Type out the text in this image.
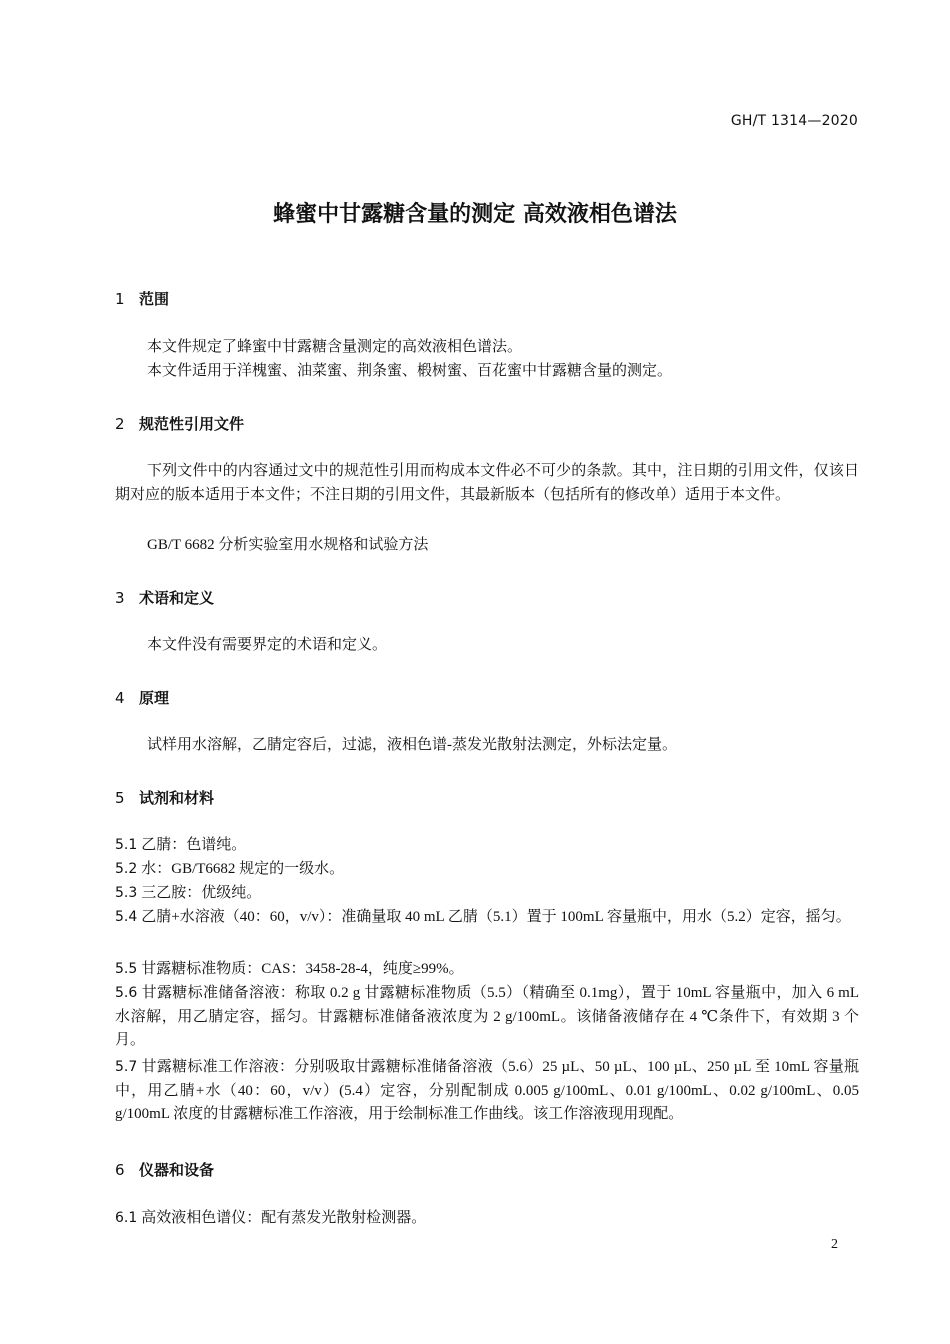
GH/T 1314—2020
蜂蜜中甘露糖含量的测定 高效液相色谱法
1 范围
本文件规定了蜂蜜中甘露糖含量测定的高效液相色谱法。
本文件适用于洋槐蜜、油菜蜜、荆条蜜、椴树蜜、百花蜜中甘露糖含量的测定。
2 规范性引用文件
下列文件中的内容通过文中的规范性引用而构成本文件必不可少的条款。其中，注日期的引用文件，仅该日期对应的版本适用于本文件；不注日期的引用文件，其最新版本（包括所有的修改单）适用于本文件。
GB/T 6682 分析实验室用水规格和试验方法
3 术语和定义
本文件没有需要界定的术语和定义。
4 原理
试样用水溶解，乙腈定容后，过滤，液相色谱-蒸发光散射法测定，外标法定量。
5 试剂和材料
5.1 乙腈：色谱纯。
5.2 水：GB/T6682 规定的一级水。
5.3 三乙胺：优级纯。
5.4 乙腈+水溶液（40：60，v/v）：准确量取 40 mL 乙腈（5.1）置于 100mL 容量瓶中，用水（5.2）定容，摇匀。
5.5 甘露糖标准物质：CAS：3458-28-4，纯度≥99%。
5.6 甘露糖标准储备溶液：称取 0.2 g 甘露糖标准物质（5.5）（精确至 0.1mg），置于 10mL 容量瓶中，加入 6 mL 水溶解，用乙腈定容，摇匀。甘露糖标准储备液浓度为 2 g/100mL。该储备液储存在 4 ℃条件下，有效期 3 个月。
5.7 甘露糖标准工作溶液：分别吸取甘露糖标准储备溶液（5.6）25 µL、50 µL、100 µL、250 µL 至 10mL 容量瓶中，用乙腈+水（40：60，v/v）(5.4）定容，分别配制成 0.005 g/100mL、0.01 g/100mL、0.02 g/100mL、0.05 g/100mL 浓度的甘露糖标准工作溶液，用于绘制标准工作曲线。该工作溶液现用现配。
6 仪器和设备
6.1 高效液相色谱仪：配有蒸发光散射检测器。
2
